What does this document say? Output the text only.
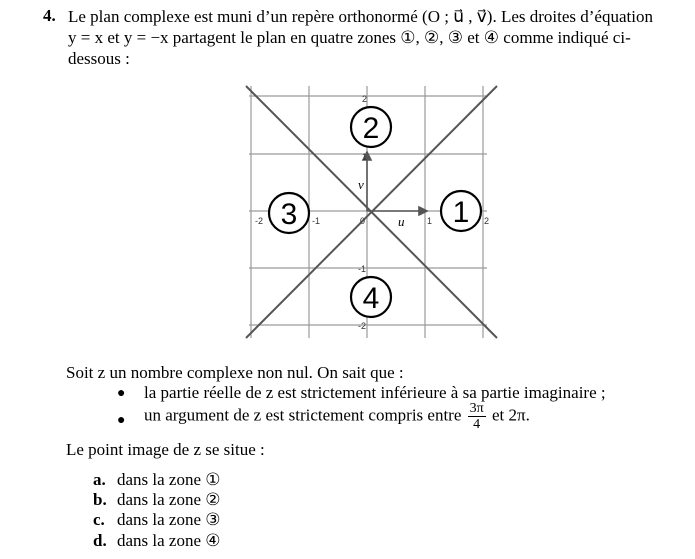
4. Le plan complexe est muni d’un repère orthonormé (O ; u⃗ , v⃗). Les droites d’équation
y = x et y = −x partagent le plan en quatre zones ①, ②, ③ et ④ comme indiqué ci-
dessous :
1
2
3
4
-2	-1	0	1	2
2
1
-1
-2
u⃗
v⃗
Soit z un nombre complexe non nul. On sait que :
● la partie réelle de z est strictement inférieure à sa partie imaginaire ;
● un argument de z est strictement compris entre $\frac{3\pi}{4}$ et 2π.
Le point image de z se situe :
a. dans la zone ①
b. dans la zone ②
c. dans la zone ③
d. dans la zone ④
